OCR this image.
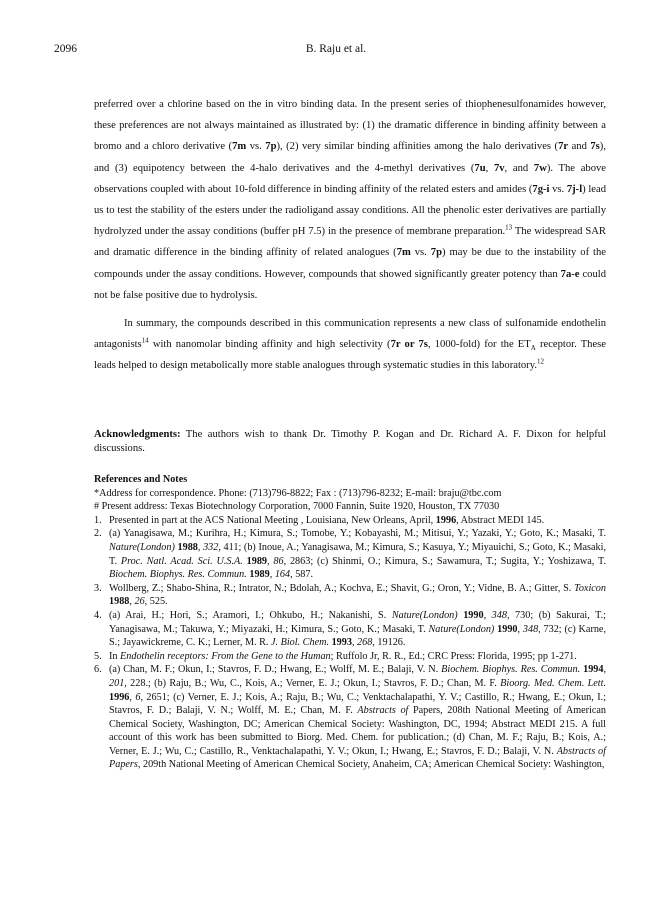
2096	B. Raju et al.

preferred over a chlorine based on the in vitro binding data. In the present series of thiophenesulfonamides however, these preferences are not always maintained as illustrated by: (1) the dramatic difference in binding affinity between a bromo and a chloro derivative (7m vs. 7p), (2) very similar binding affinities among the halo derivatives (7r and 7s), and (3) equipotency between the 4-halo derivatives and the 4-methyl derivatives (7u, 7v, and 7w). The above observations coupled with about 10-fold difference in binding affinity of the related esters and amides (7g-i vs. 7j-l) lead us to test the stability of the esters under the radioligand assay conditions. All the phenolic ester derivatives are partially hydrolyzed under the assay conditions (buffer pH 7.5) in the presence of membrane preparation.$^{13}$ The widespread SAR and dramatic difference in the binding affinity of related analogues (7m vs. 7p) may be due to the instability of the compounds under the assay conditions. However, compounds that showed significantly greater potency than 7a-e could not be false positive due to hydrolysis.

In summary, the compounds described in this communication represents a new class of sulfonamide endothelin antagonists$^{14}$ with nanomolar binding affinity and high selectivity (7r or 7s, 1000-fold) for the $ET_A$ receptor. These leads helped to design metabolically more stable analogues through systematic studies in this laboratory.$^{12}$

Acknowledgments: The authors wish to thank Dr. Timothy P. Kogan and Dr. Richard A. F. Dixon for helpful discussions.
References and Notes
*Address for correspondence. Phone: (713)796-8822; Fax : (713)796-8232; E-mail: braju@tbc.com
# Present address: Texas Biotechnology Corporation, 7000 Fannin, Suite 1920, Houston, TX 77030
1. Presented in part at the ACS National Meeting , Louisiana, New Orleans, April, 1996, Abstract MEDI 145.
2. (a) Yanagisawa, M.; Kurihra, H.; Kimura, S.; Tomobe, Y.; Kobayashi, M.; Mitisui, Y.; Yazaki, Y.; Goto, K.; Masaki, T. Nature(London) 1988, 332, 411; (b) Inoue, A.; Yanagisawa, M.; Kimura, S.; Kasuya, Y.; Miyauichi, S.; Goto, K.; Masaki, T. Proc. Natl. Acad. Sci. U.S.A. 1989, 86, 2863; (c) Shinmi, O.; Kimura, S.; Sawamura, T.; Sugita, Y.; Yoshizawa, T. Biochem. Biophys. Res. Commun. 1989, 164, 587.
3. Wollberg, Z.; Shabo-Shina, R.; Intrator, N.; Bdolah, A.; Kochva, E.; Shavit, G.; Oron, Y.; Vidne, B. A.; Gitter, S. Toxicon 1988, 26, 525.
4. (a) Arai, H.; Hori, S.; Aramori, I.; Ohkubo, H.; Nakanishi, S. Nature(London) 1990, 348, 730; (b) Sakurai, T.; Yanagisawa, M.; Takuwa, Y.; Miyazaki, H.; Kimura, S.; Goto, K.; Masaki, T. Nature(London) 1990, 348, 732; (c) Karne, S.; Jayawickreme, C. K.; Lerner, M. R. J. Biol. Chem. 1993, 268, 19126.
5. In Endothelin receptors: From the Gene to the Human; Ruffolo Jr, R. R., Ed.; CRC Press: Florida, 1995; pp 1-271.
6. (a) Chan, M. F.; Okun, I.; Stavros, F. D.; Hwang, E.; Wolff, M. E.; Balaji, V. N. Biochem. Biophys. Res. Commun. 1994, 201, 228.; (b) Raju, B.; Wu, C., Kois, A.; Verner, E. J.; Okun, I.; Stavros, F. D.; Chan, M. F. Bioorg. Med. Chem. Lett. 1996, 6, 2651; (c) Verner, E. J.; Kois, A.; Raju, B.; Wu, C.; Venktachalapathi, Y. V.; Castillo, R.; Hwang, E.; Okun, I.; Stavros, F. D.; Balaji, V. N.; Wolff, M. E.; Chan, M. F. Abstracts of Papers, 208th National Meeting of American Chemical Society, Washington, DC; American Chemical Society: Washington, DC, 1994; Abstract MEDI 215. A full account of this work has been submitted to Biorg. Med. Chem. for publication.; (d) Chan, M. F.; Raju, B.; Kois, A.; Verner, E. J.; Wu, C.; Castillo, R., Venktachalapathi, Y. V.; Okun, I.; Hwang, E.; Stavros, F. D.; Balaji, V. N. Abstracts of Papers, 209th National Meeting of American Chemical Society, Anaheim, CA; American Chemical Society: Washington,
